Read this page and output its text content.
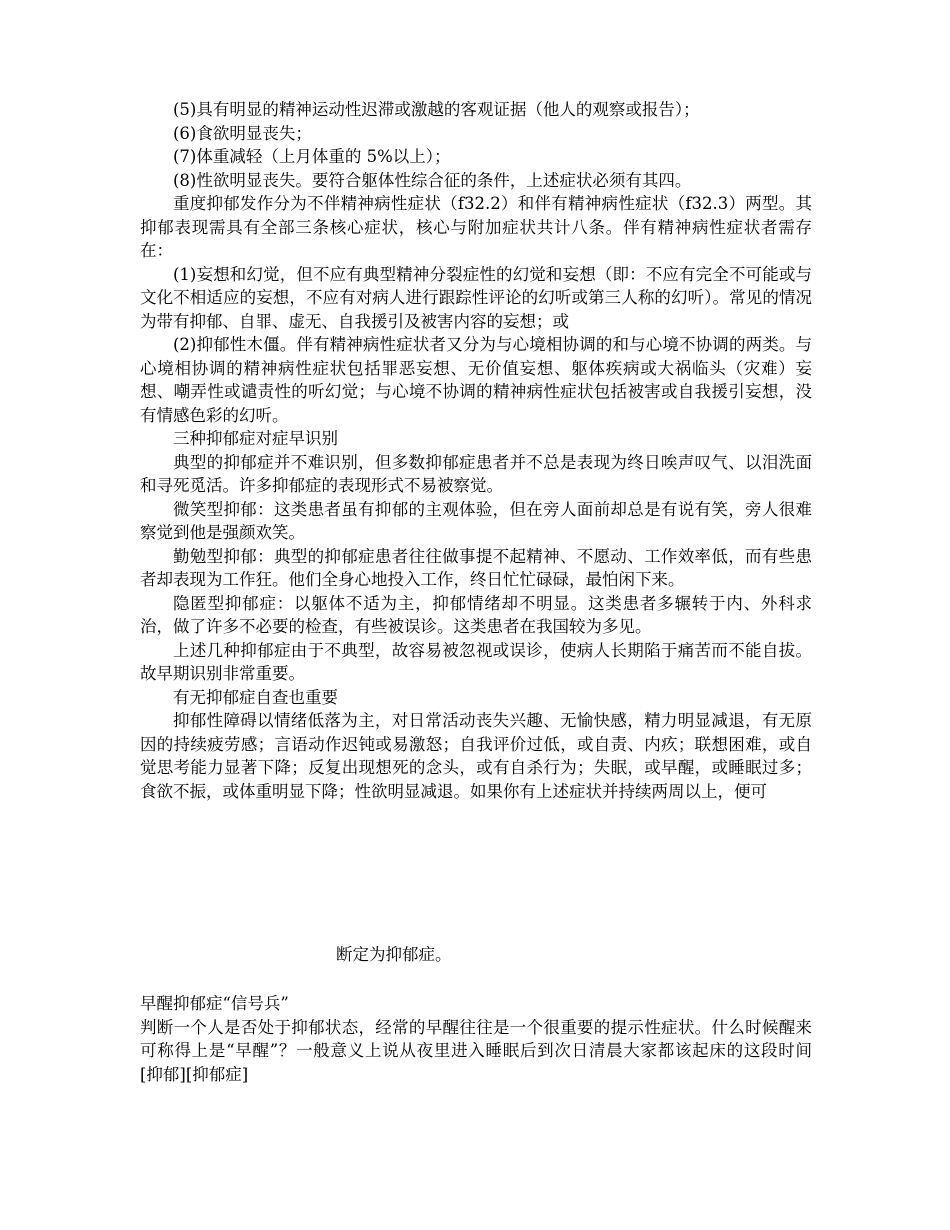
(5)具有明显的精神运动性迟滞或激越的客观证据（他人的观察或报告）；

(6)食欲明显丧失；

(7)体重减轻（上月体重的 5%以上）；

(8)性欲明显丧失。要符合躯体性综合征的条件，上述症状必须有其四。

重度抑郁发作分为不伴精神病性症状（f32.2）和伴有精神病性症状（f32.3）两型。其抑郁表现需具有全部三条核心症状，核心与附加症状共计八条。伴有精神病性症状者需存在：

(1)妄想和幻觉，但不应有典型精神分裂症性的幻觉和妄想（即：不应有完全不可能或与文化不相适应的妄想，不应有对病人进行跟踪性评论的幻听或第三人称的幻听）。常见的情况为带有抑郁、自罪、虚无、自我援引及被害内容的妄想；或

(2)抑郁性木僵。伴有精神病性症状者又分为与心境相协调的和与心境不协调的两类。与心境相协调的精神病性症状包括罪恶妄想、无价值妄想、躯体疾病或大祸临头（灾难）妄想、嘲弄性或谴责性的听幻觉；与心境不协调的精神病性症状包括被害或自我援引妄想，没有情感色彩的幻听。

三种抑郁症对症早识别

典型的抑郁症并不难识别，但多数抑郁症患者并不总是表现为终日唉声叹气、以泪洗面和寻死觅活。许多抑郁症的表现形式不易被察觉。

微笑型抑郁：这类患者虽有抑郁的主观体验，但在旁人面前却总是有说有笑，旁人很难察觉到他是强颜欢笑。

勤勉型抑郁：典型的抑郁症患者往往做事提不起精神、不愿动、工作效率低，而有些患者却表现为工作狂。他们全身心地投入工作，终日忙忙碌碌，最怕闲下来。

隐匿型抑郁症：以躯体不适为主，抑郁情绪却不明显。这类患者多辗转于内、外科求治，做了许多不必要的检查，有些被误诊。这类患者在我国较为多见。

上述几种抑郁症由于不典型，故容易被忽视或误诊，使病人长期陷于痛苦而不能自拔。故早期识别非常重要。

有无抑郁症自查也重要

抑郁性障碍以情绪低落为主，对日常活动丧失兴趣、无愉快感，精力明显减退，有无原因的持续疲劳感；言语动作迟钝或易激怒；自我评价过低，或自责、内疚；联想困难，或自觉思考能力显著下降；反复出现想死的念头，或有自杀行为；失眠，或早醒，或睡眠过多；食欲不振，或体重明显下降；性欲明显减退。如果你有上述症状并持续两周以上，便可

断定为抑郁症。

早醒抑郁症“信号兵”

判断一个人是否处于抑郁状态，经常的早醒往往是一个很重要的提示性症状。什么时候醒来可称得上是“早醒”？一般意义上说从夜里进入睡眠后到次日清晨大家都该起床的这段时间 [抑郁][抑郁症]
